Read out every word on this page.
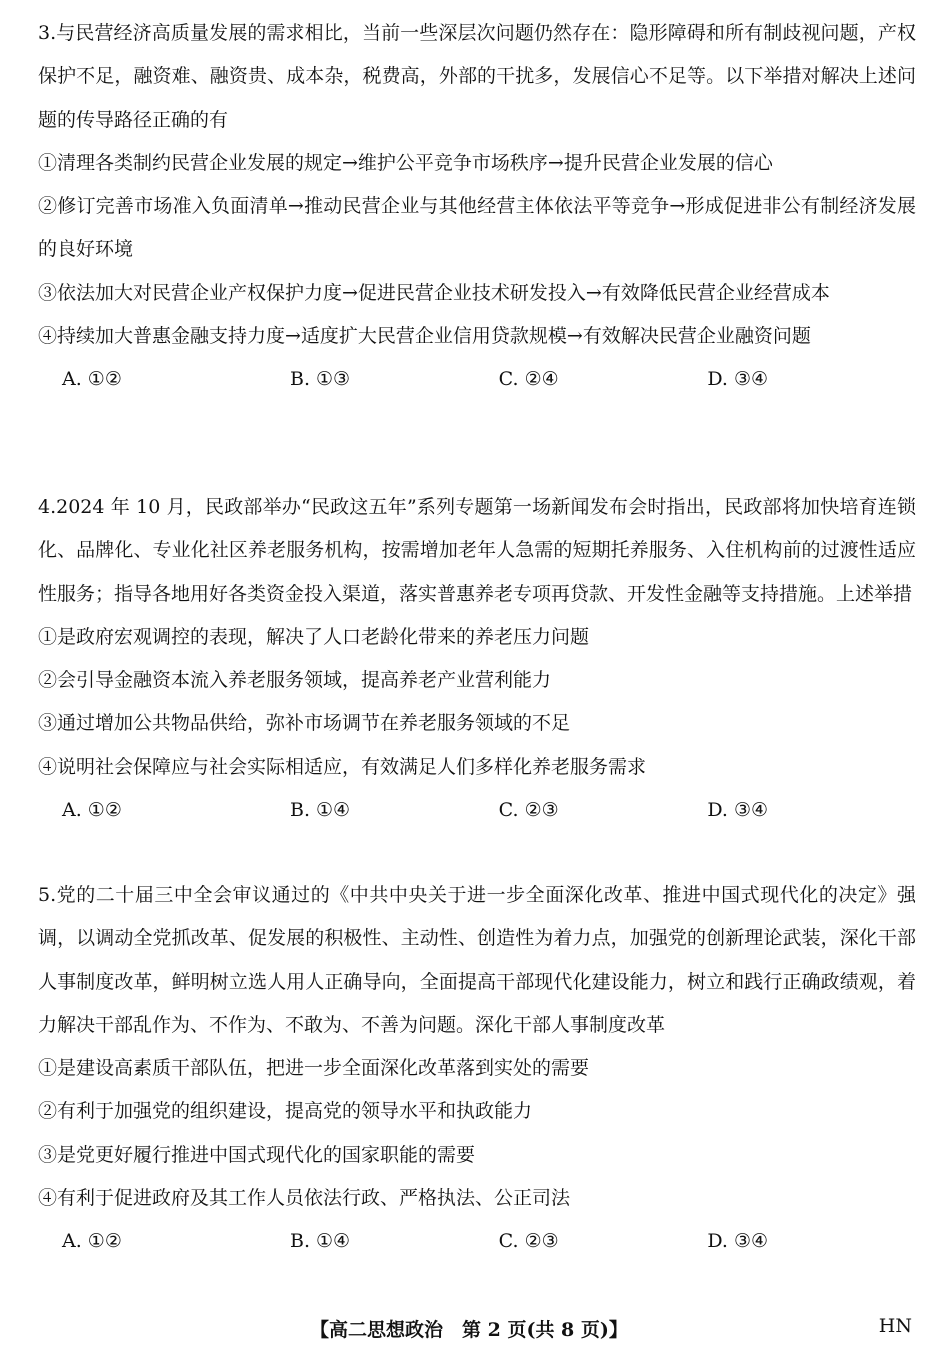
3.与民营经济高质量发展的需求相比，当前一些深层次问题仍然存在：隐形障碍和所有制歧视问题，产权保护不足，融资难、融资贵、成本杂，税费高，外部的干扰多，发展信心不足等。以下举措对解决上述问题的传导路径正确的有

①清理各类制约民营企业发展的规定→维护公平竞争市场秩序→提升民营企业发展的信心

②修订完善市场准入负面清单→推动民营企业与其他经营主体依法平等竞争→形成促进非公有制经济发展的良好环境

③依法加大对民营企业产权保护力度→促进民营企业技术研发投入→有效降低民营企业经营成本

④持续加大普惠金融支持力度→适度扩大民营企业信用贷款规模→有效解决民营企业融资问题

A. ①②	B. ①③	C. ②④	D. ③④

4.2024 年 10 月，民政部举办“民政这五年”系列专题第一场新闻发布会时指出，民政部将加快培育连锁化、品牌化、专业化社区养老服务机构，按需增加老年人急需的短期托养服务、入住机构前的过渡性适应性服务；指导各地用好各类资金投入渠道，落实普惠养老专项再贷款、开发性金融等支持措施。上述举措

①是政府宏观调控的表现，解决了人口老龄化带来的养老压力问题

②会引导金融资本流入养老服务领域，提高养老产业营利能力

③通过增加公共物品供给，弥补市场调节在养老服务领域的不足

④说明社会保障应与社会实际相适应，有效满足人们多样化养老服务需求

A. ①②	B. ①④	C. ②③	D. ③④

5.党的二十届三中全会审议通过的《中共中央关于进一步全面深化改革、推进中国式现代化的决定》强调，以调动全党抓改革、促发展的积极性、主动性、创造性为着力点，加强党的创新理论武装，深化干部人事制度改革，鲜明树立选人用人正确导向，全面提高干部现代化建设能力，树立和践行正确政绩观，着力解决干部乱作为、不作为、不敢为、不善为问题。深化干部人事制度改革

①是建设高素质干部队伍，把进一步全面深化改革落到实处的需要

②有利于加强党的组织建设，提高党的领导水平和执政能力

③是党更好履行推进中国式现代化的国家职能的需要

④有利于促进政府及其工作人员依法行政、严格执法、公正司法

A. ①②	B. ①④	C. ②③	D. ③④
【高二思想政治　第 2 页(共 8 页)】	HN
